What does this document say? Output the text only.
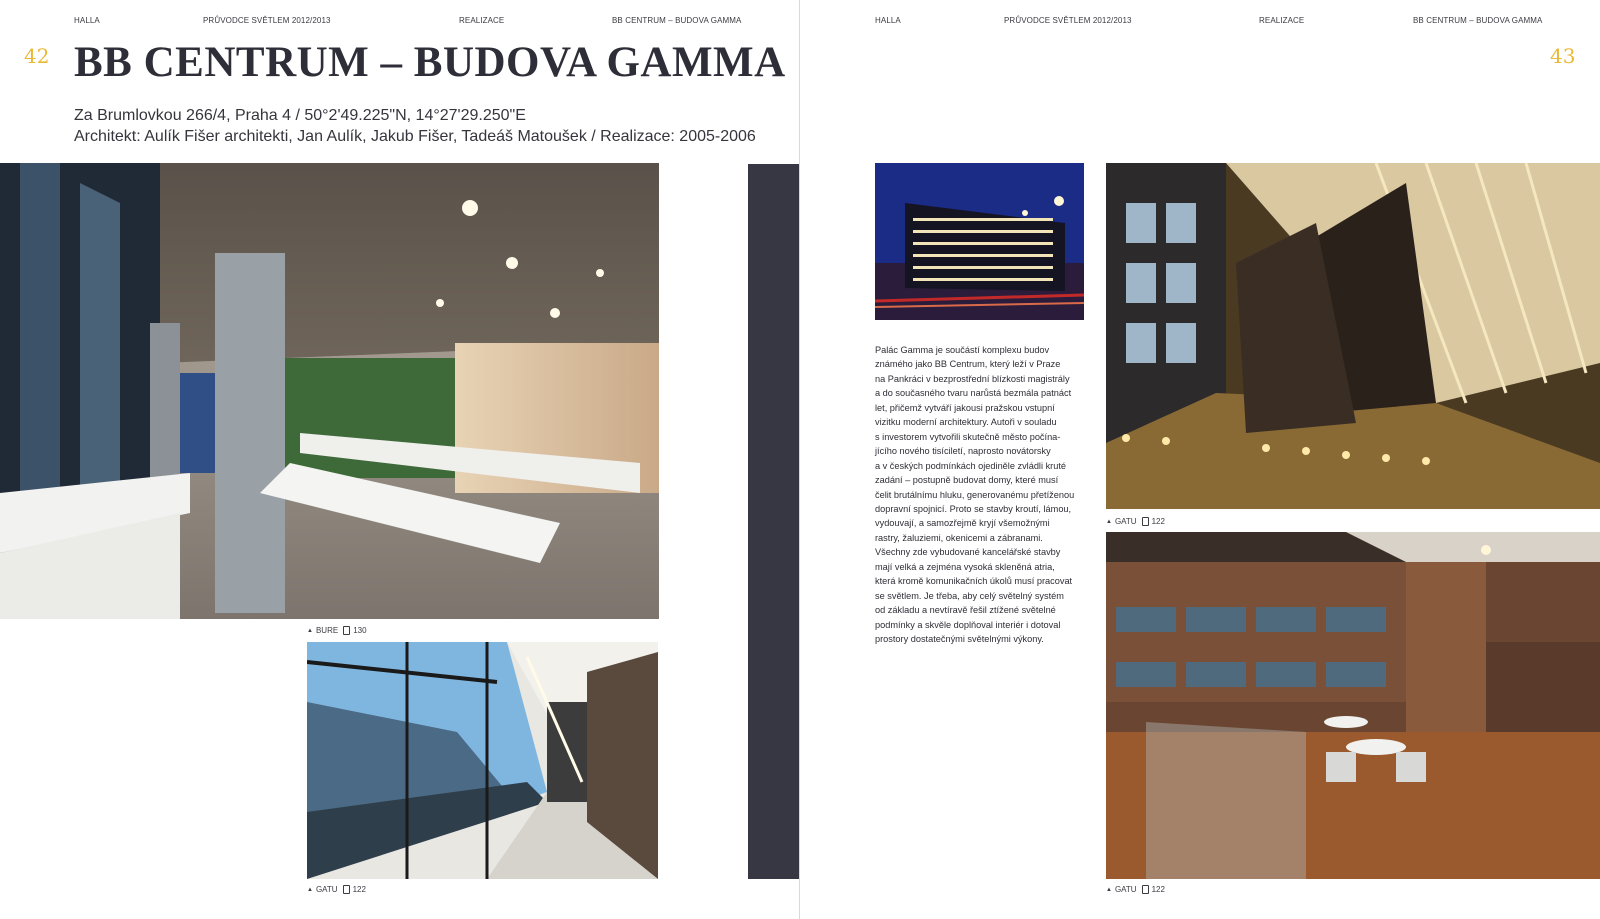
HALLA	PRŮVODCE SVĚTLEM 2012/2013	REALIZACE	BB CENTRUM – BUDOVA GAMMA
42 BB CENTRUM – BUDOVA GAMMA
Za Brumlovkou 266/4, Praha 4 / 50°2'49.225"N, 14°27'29.250"E
Architekt: Aulík Fišer architekti, Jan Aulík, Jakub Fišer, Tadeáš Matoušek / Realizace: 2005-2006
▲ BURE 130
▲ GATU 122
HALLA	PRŮVODCE SVĚTLEM 2012/2013	REALIZACE	BB CENTRUM – BUDOVA GAMMA
43
Palác Gamma je součástí komplexu budov
známého jako BB Centrum, který leží v Praze
na Pankráci v bezprostřední blízkosti magistrály
a do současného tvaru narůstá bezmála patnáct
let, přičemž vytváří jakousi pražskou vstupní
vizitku moderní architektury. Autoři v souladu
s investorem vytvořili skutečně město počína-
jícího nového tisíciletí, naprosto novátorsky
a v českých podmínkách ojediněle zvládli kruté
zadání – postupně budovat domy, které musí
čelit brutálnímu hluku, generovanému přetíženou
dopravní spojnicí. Proto se stavby kroutí, lámou,
vydouvají, a samozřejmě kryjí všemožnými
rastry, žaluziemi, okenicemi a zábranami.
Všechny zde vybudované kancelářské stavby
mají velká a zejména vysoká skleněná atria,
která kromě komunikačních úkolů musí pracovat
se světlem. Je třeba, aby celý světelný systém
od základu a nevtíravě řešil ztížené světelné
podmínky a skvěle doplňoval interiér i dotoval
prostory dostatečnými světelnými výkony.
▲ GATU 122
▲ GATU 122
